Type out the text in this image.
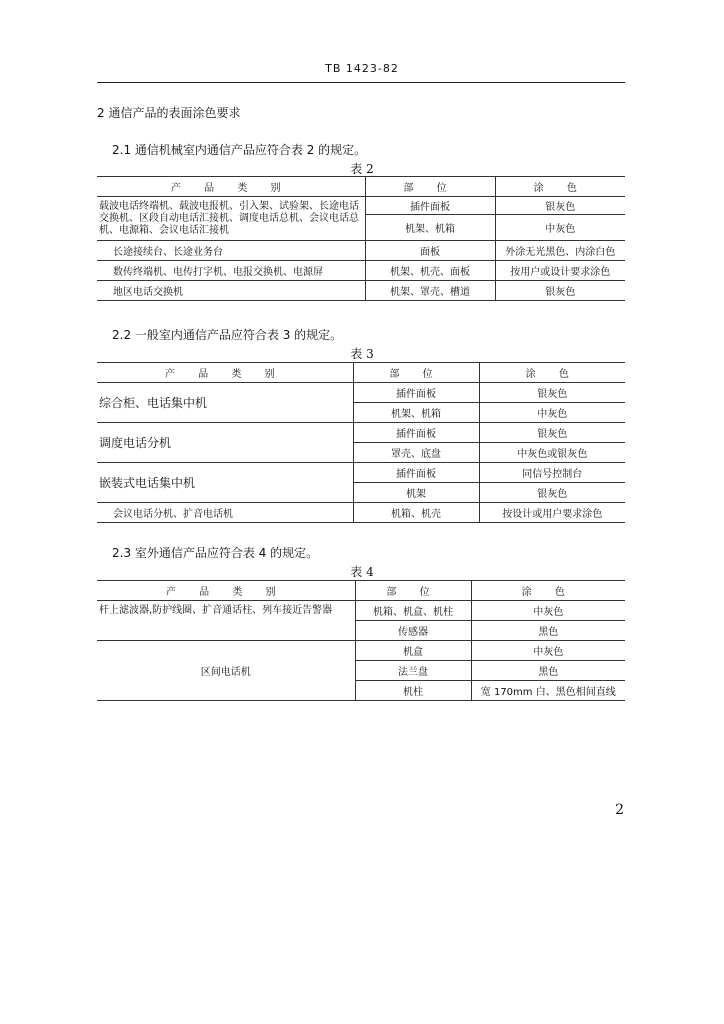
TB 1423-82
2 通信产品的表面涂色要求
2.1 通信机械室内通信产品应符合表 2 的规定。
表 2
产 品 类 别	部 位	涂 色
载波电话终端机、载波电报机、引入架、试验架、长途电话交换机、区段自动电话汇接机、调度电话总机、会议电话总机、电源箱、会议电话汇接机	插件面板	银灰色
	机架、机箱	中灰色
长途接续台、长途业务台	面板	外涂无光黑色、内涂白色
数传终端机、电传打字机、电报交换机、电源屏	机架、机壳、面板	按用户或设计要求涂色
地区电话交换机	机架、罩壳、槽道	银灰色
2.2 一般室内通信产品应符合表 3 的规定。
表 3
产 品 类 别	部 位	涂 色
综合柜、电话集中机	插件面板	银灰色
	机架、机箱	中灰色
调度电话分机	插件面板	银灰色
	罩壳、底盘	中灰色或银灰色
嵌装式电话集中机	插件面板	同信号控制台
	机架	银灰色
会议电话分机、扩音电话机	机箱、机壳	按设计或用户要求涂色
2.3 室外通信产品应符合表 4 的规定。
表 4
产 品 类 别	部 位	涂 色
杆上滤波器,防护线圈、扩音通话柱、列车接近告警器	机箱、机盒、机柱	中灰色
	传感器	黑色
区间电话机	机盒	中灰色
	法兰盘	黑色
	机柱	宽 170mm 白、黑色相间直线
2
